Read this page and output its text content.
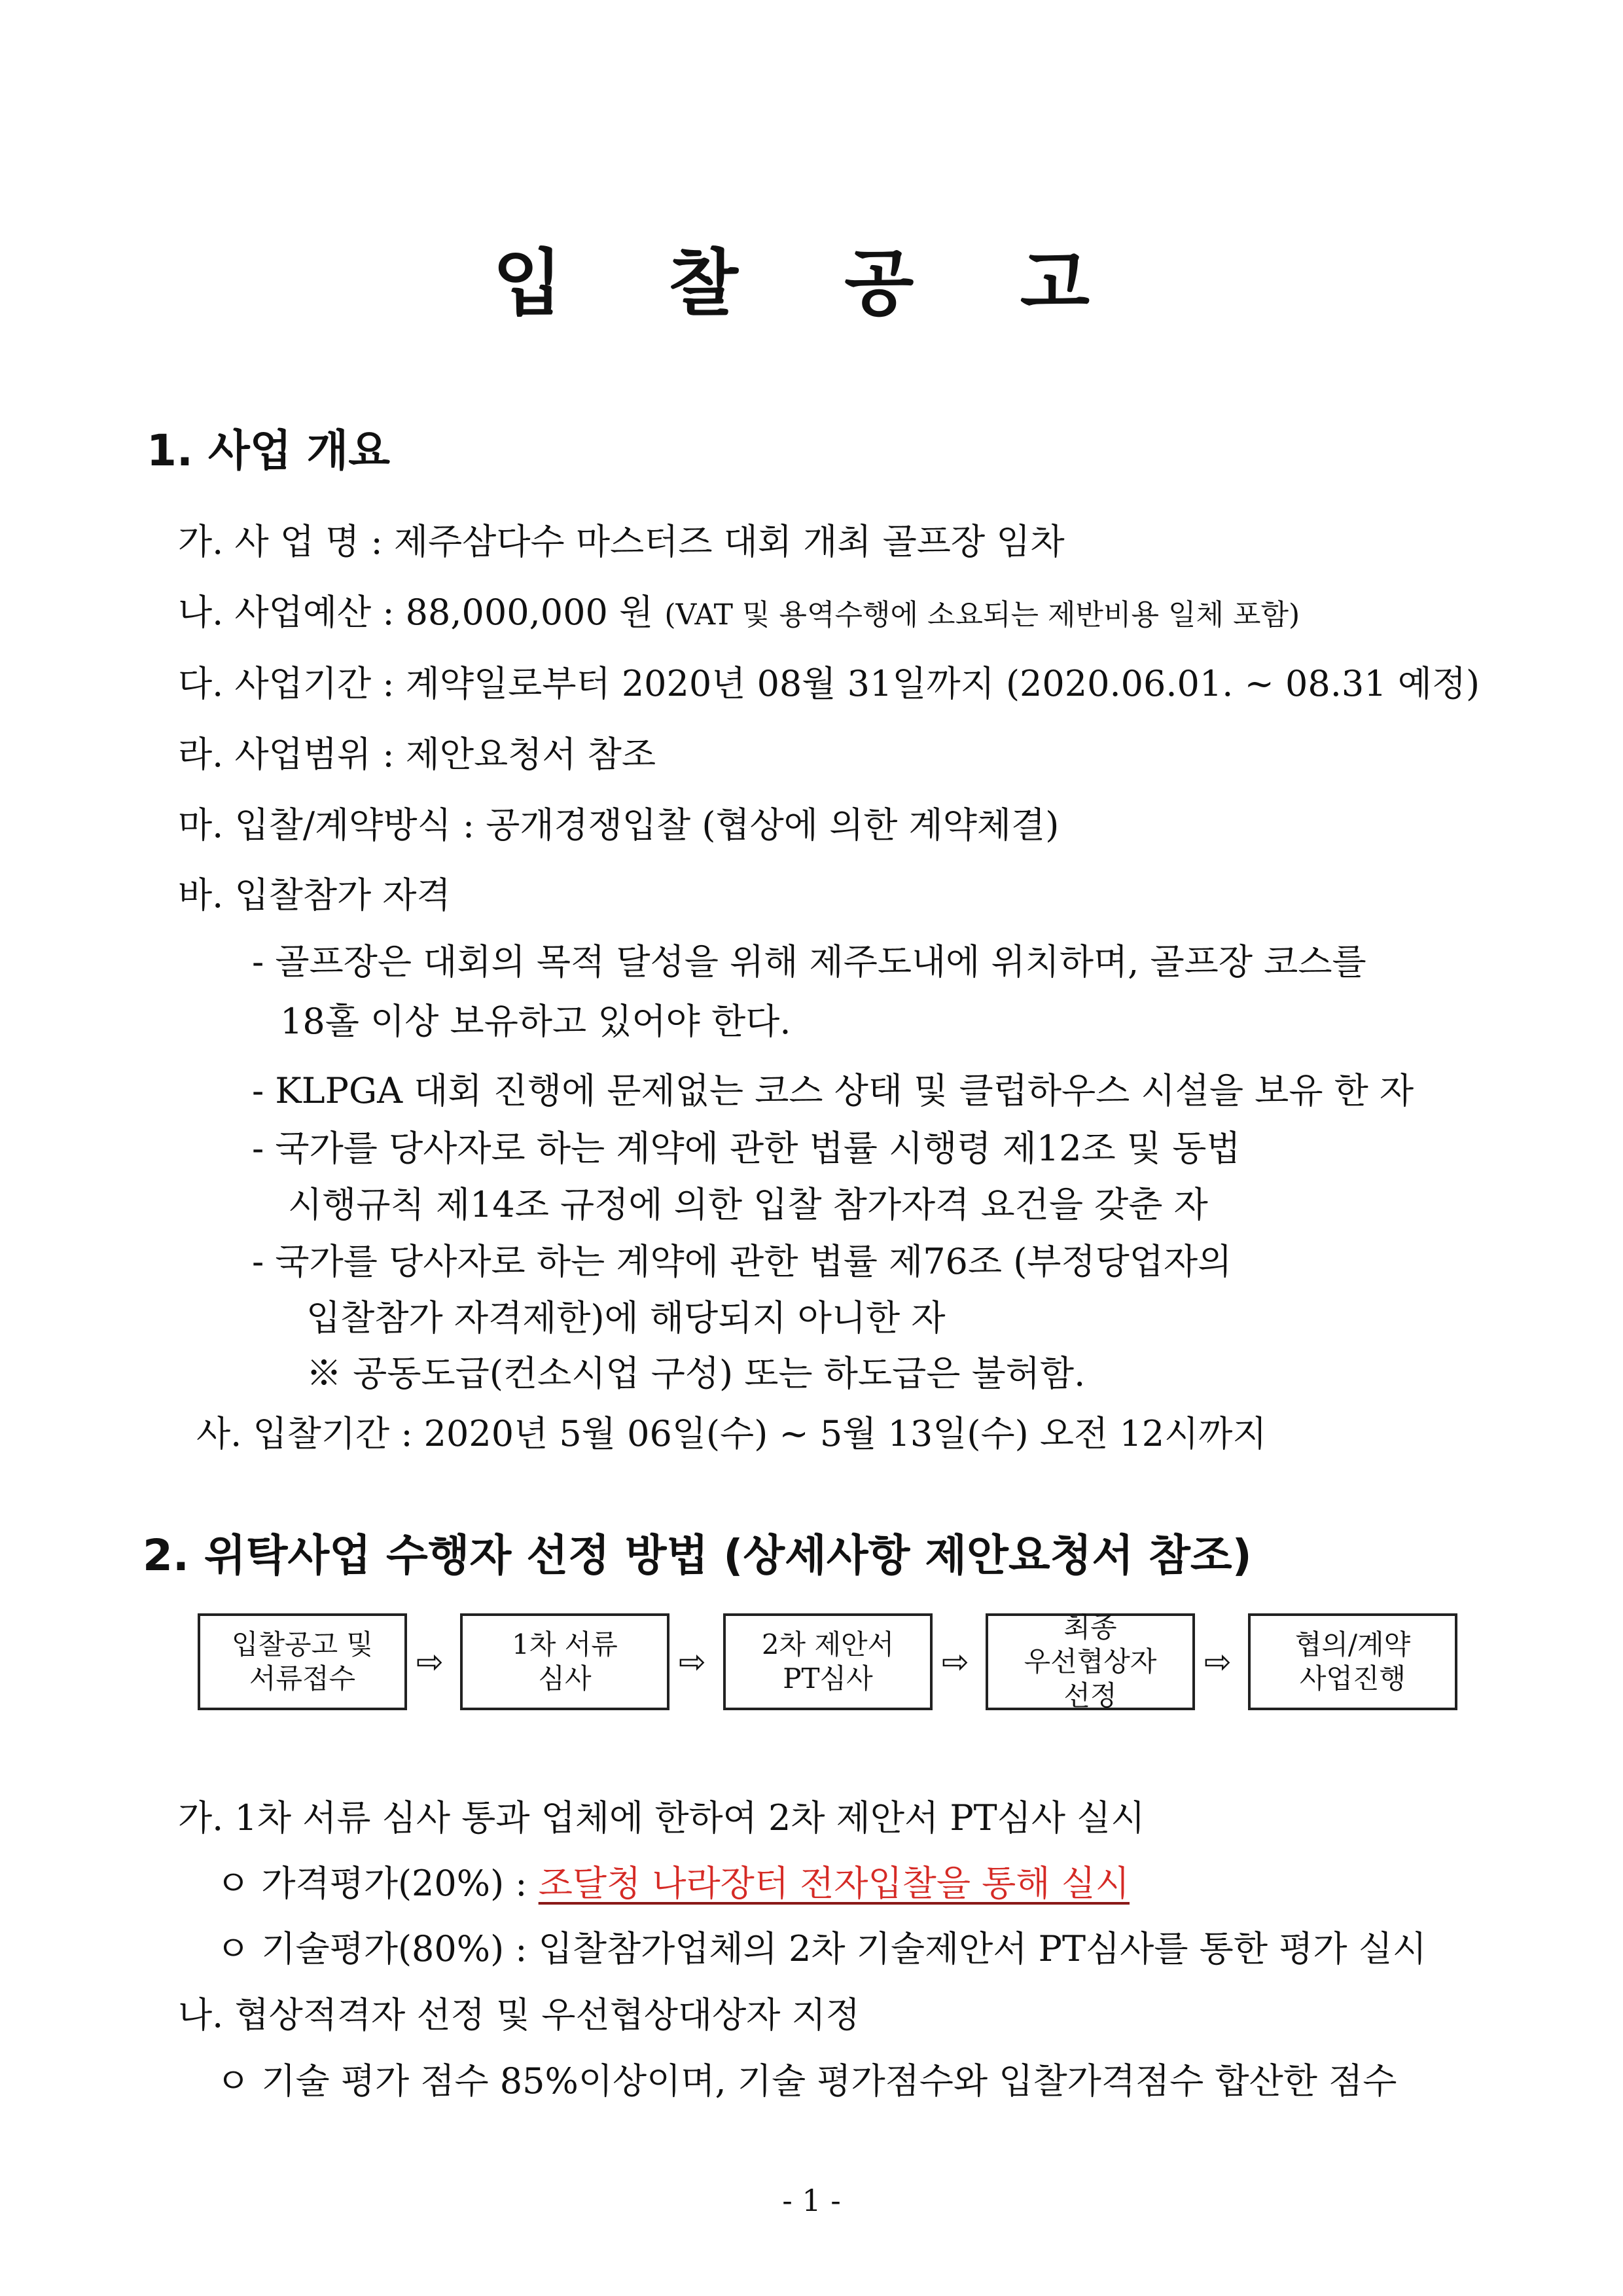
입 찰 공 고
1. 사업 개요
가. 사 업 명 : 제주삼다수 마스터즈 대회 개최 골프장 임차
나. 사업예산 : 88,000,000 원 (VAT 및 용역수행에 소요되는 제반비용 일체 포함)
다. 사업기간 : 계약일로부터 2020년 08월 31일까지 (2020.06.01. ~ 08.31 예정)
라. 사업범위 : 제안요청서 참조
마. 입찰/계약방식 : 공개경쟁입찰 (협상에 의한 계약체결)
바. 입찰참가 자격
- 골프장은 대회의 목적 달성을 위해 제주도내에 위치하며, 골프장 코스를
18홀 이상 보유하고 있어야 한다.
- KLPGA 대회 진행에 문제없는 코스 상태 및 클럽하우스 시설을 보유 한 자
- 국가를 당사자로 하는 계약에 관한 법률 시행령 제12조 및 동법
시행규칙 제14조 규정에 의한 입찰 참가자격 요건을 갖춘 자
- 국가를 당사자로 하는 계약에 관한 법률 제76조 (부정당업자의
입찰참가 자격제한)에 해당되지 아니한 자
※ 공동도급(컨소시업 구성) 또는 하도급은 불허함.
사. 입찰기간 : 2020년 5월 06일(수) ~ 5월 13일(수) 오전 12시까지
2. 위탁사업 수행자 선정 방법 (상세사항 제안요청서 참조)
입찰공고 및
서류접수	⇨	1차 서류
심사	⇨	2차 제안서
PT심사	⇨
최종
우선협상자
선정
⇨	협의/계약
사업진행
가. 1차 서류 심사 통과 업체에 한하여 2차 제안서 PT심사 실시
ㅇ 가격평가(20%) : 조달청 나라장터 전자입찰을 통해 실시
ㅇ 기술평가(80%) : 입찰참가업체의 2차 기술제안서 PT심사를 통한 평가 실시
나. 협상적격자 선정 및 우선협상대상자 지정
ㅇ 기술 평가 점수 85%이상이며, 기술 평가점수와 입찰가격점수 합산한 점수
- 1 -
